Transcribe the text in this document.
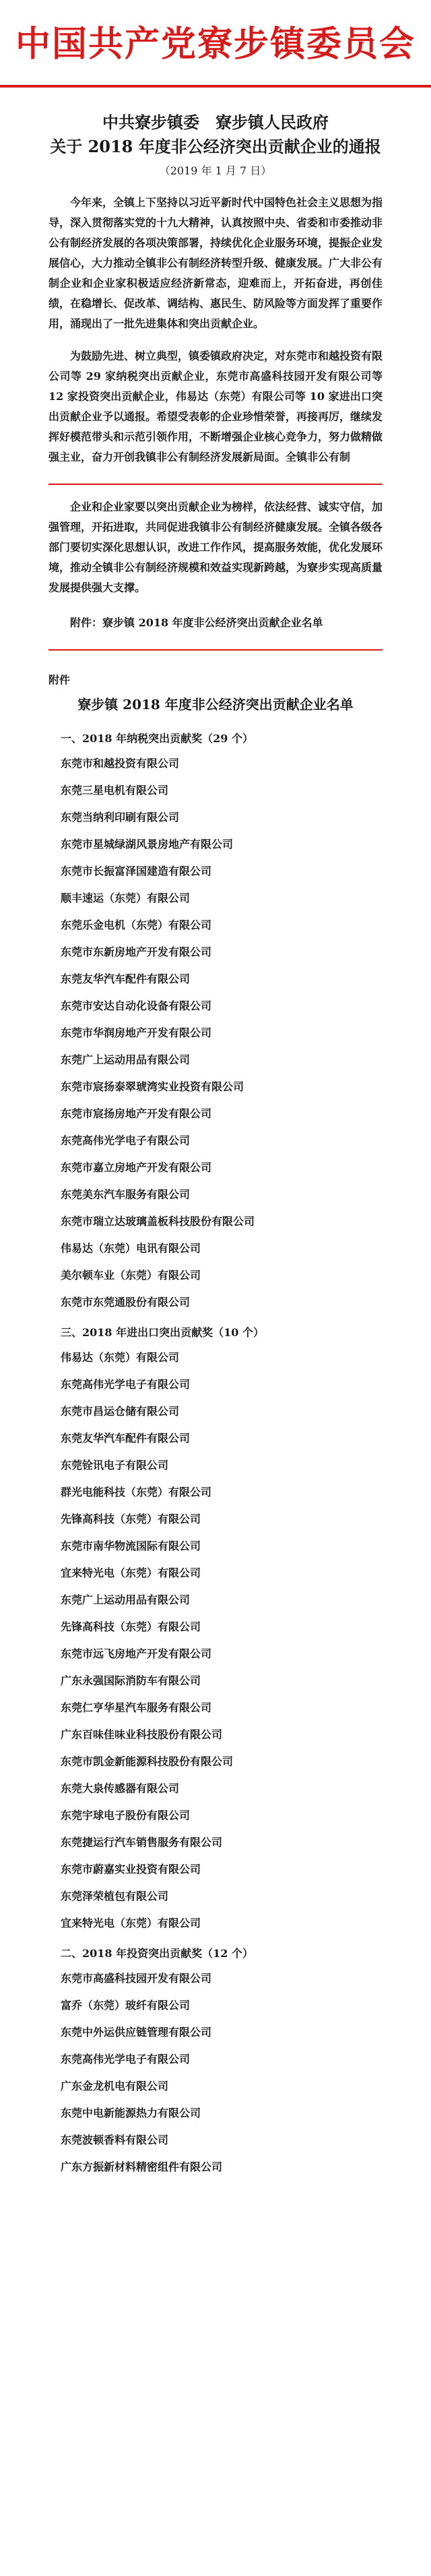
中国共产党寮步镇委员会
中共寮步镇委　寮步镇人民政府
关于 2018 年度非公经济突出贡献企业的通报
（2019 年 1 月 7 日）

今年来，全镇上下坚持以习近平新时代中国特色社会主义思想为指导，深入贯彻落实党的十九大精神，认真按照中央、省委和市委推动非公有制经济发展的各项决策部署，持续优化企业服务环境，提振企业发展信心，大力推动全镇非公有制经济转型升级、健康发展。广大非公有制企业和企业家积极适应经济新常态，迎难而上，开拓奋进，再创佳绩，在稳增长、促改革、调结构、惠民生、防风险等方面发挥了重要作用，涌现出了一批先进集体和突出贡献企业。

为鼓励先进、树立典型，镇委镇政府决定，对东莞市和越投资有限公司等 29 家纳税突出贡献企业，东莞市高盛科技园开发有限公司等 12 家投资突出贡献企业，伟易达（东莞）有限公司等 10 家进出口突出贡献企业予以通报。希望受表彰的企业珍惜荣誉，再接再厉，继续发挥好模范带头和示范引领作用，不断增强企业核心竞争力，努力做精做强主业，奋力开创我镇非公有制经济发展新局面。全镇非公有制

企业和企业家要以突出贡献企业为榜样，依法经营、诚实守信，加强管理，开拓进取，共同促进我镇非公有制经济健康发展。全镇各级各部门要切实深化思想认识，改进工作作风，提高服务效能，优化发展环境，推动全镇非公有制经济规模和效益实现新跨越，为寮步实现高质量发展提供强大支撑。

附件：寮步镇 2018 年度非公经济突出贡献企业名单

附件
寮步镇 2018 年度非公经济突出贡献企业名单
一、2018 年纳税突出贡献奖（29 个）
东莞市和越投资有限公司
东莞三星电机有限公司
东莞当纳利印刷有限公司
东莞市星城绿湖风景房地产有限公司
东莞市长振富泽国建造有限公司
顺丰速运（东莞）有限公司
东莞乐金电机（东莞）有限公司
东莞市东新房地产开发有限公司
东莞友华汽车配件有限公司
东莞市安达自动化设备有限公司
东莞市华润房地产开发有限公司
东莞广上运动用品有限公司
东莞市宸扬泰翠琥湾实业投资有限公司
东莞市宸扬房地产开发有限公司
东莞高伟光学电子有限公司
东莞市嘉立房地产开发有限公司
东莞美东汽车服务有限公司
东莞市瑞立达玻璃盖板科技股份有限公司
伟易达（东莞）电讯有限公司
美尔顿车业（东莞）有限公司
东莞市东莞通股份有限公司
三、2018 年进出口突出贡献奖（10 个）
伟易达（东莞）有限公司
东莞高伟光学电子有限公司
东莞市昌运仓储有限公司
东莞友华汽车配件有限公司
东莞铨讯电子有限公司
群光电能科技（东莞）有限公司
先锋高科技（东莞）有限公司
东莞市南华物流国际有限公司
宜来特光电（东莞）有限公司
东莞广上运动用品有限公司
先锋高科技（东莞）有限公司
东莞市远飞房地产开发有限公司
广东永强国际消防车有限公司
东莞仁亨华星汽车服务有限公司
广东百味佳味业科技股份有限公司
东莞市凯金新能源科技股份有限公司
东莞大泉传感器有限公司
东莞宇球电子股份有限公司
东莞捷运行汽车销售服务有限公司
东莞市蔚嘉实业投资有限公司
东莞泽荣植包有限公司
宜来特光电（东莞）有限公司
二、2018 年投资突出贡献奖（12 个）
东莞市高盛科技园开发有限公司
富乔（东莞）玻纤有限公司
东莞中外运供应链管理有限公司
东莞高伟光学电子有限公司
广东金龙机电有限公司
东莞中电新能源热力有限公司
东莞波顿香料有限公司
广东方振新材料精密组件有限公司
